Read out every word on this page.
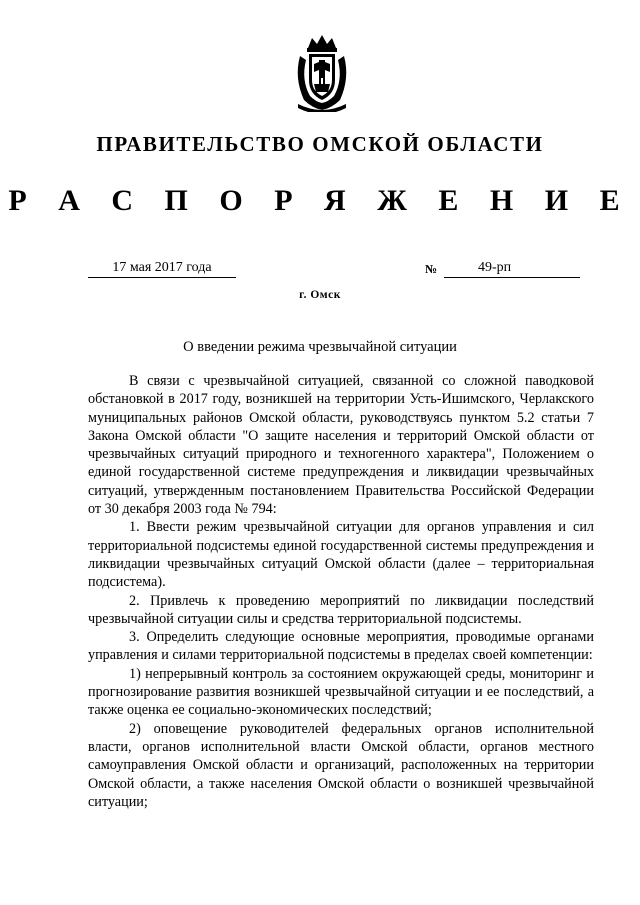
ПРАВИТЕЛЬСТВО ОМСКОЙ ОБЛАСТИ
Р А С П О Р Я Ж Е Н И Е
17 мая 2017 года	№	49-рп
г. Омск
О введении режима чрезвычайной ситуации

В связи с чрезвычайной ситуацией, связанной со сложной паводковой обстановкой в 2017 году, возникшей на территории Усть-Ишимского, Черлакского муниципальных районов Омской области, руководствуясь пунктом 5.2 статьи 7 Закона Омской области "О защите населения и территорий Омской области от чрезвычайных ситуаций природного и техногенного характера", Положением о единой государственной системе предупреждения и ликвидации чрезвычайных ситуаций, утвержденным постановлением Правительства Российской Федерации от 30 декабря 2003 года № 794:

1. Ввести режим чрезвычайной ситуации для органов управления и сил территориальной подсистемы единой государственной системы предупреждения и ликвидации чрезвычайных ситуаций Омской области (далее – территориальная подсистема).

2. Привлечь к проведению мероприятий по ликвидации последствий чрезвычайной ситуации силы и средства территориальной подсистемы.

3. Определить следующие основные мероприятия, проводимые органами управления и силами территориальной подсистемы в пределах своей компетенции:

1) непрерывный контроль за состоянием окружающей среды, мониторинг и прогнозирование развития возникшей чрезвычайной ситуации и ее последствий, а также оценка ее социально-экономических последствий;

2) оповещение руководителей федеральных органов исполнительной власти, органов исполнительной власти Омской области, органов местного самоуправления Омской области и организаций, расположенных на территории Омской области, а также населения Омской области о возникшей чрезвычайной ситуации;
